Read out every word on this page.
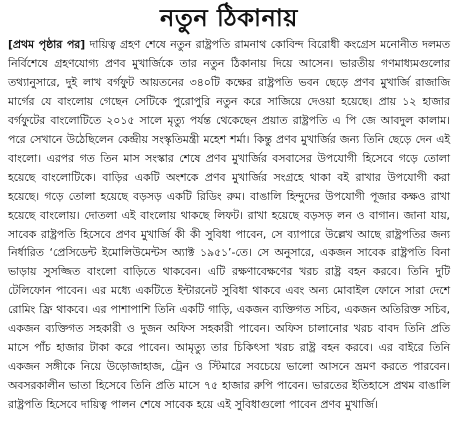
নতুন ঠিকানায়

[প্রথম পৃষ্ঠার পর] দায়িত্ব গ্রহণ শেষে নতুন রাষ্ট্রপতি রামনাথ কোবিন্দ বিরোধী কংগ্রেস মনোনীত দলমত নির্বিশেষে গ্রহণযোগ্য প্রণব মুখার্জিকে তার নতুন ঠিকানায় দিয়ে আসেন। ভারতীয় গণমাধ্যমগুলোর তথ্যানুসারে, দুই লাখ বর্গফুট আয়তনের ৩৪০টি কক্ষের রাষ্ট্রপতি ভবন ছেড়ে প্রণব মুখার্জি রাজাজি মার্গের যে বাংলোয় গেছেন সেটিকে পুরোপুরি নতুন করে সাজিয়ে দেওয়া হয়েছে। প্রায় ১২ হাজার বর্গফুটের বাংলোটিতে ২০১৫ সালে মৃত্যু পর্যন্ত থেকেছেন প্রয়াত রাষ্ট্রপতি এ পি জে আবদুল কালাম। পরে সেখানে উঠেছিলেন কেন্দ্রীয় সংস্কৃতিমন্ত্রী মহেশ শর্মা। কিন্তু প্রণব মুখার্জির জন্য তিনি ছেড়ে দেন এই বাংলো। এরপর গত তিন মাস সংস্কার শেষে প্রণব মুখার্জির বসবাসের উপযোগী হিসেবে গড়ে তোলা হয়েছে বাংলোটিকে। বাড়ির একটি অংশকে প্রণব মুখার্জির সংগ্রহে থাকা বই রাখার উপযোগী করা হয়েছে। গড়ে তোলা হয়েছে বড়সড় একটি রিডিং রুম। বাঙালি হিন্দুদের উপযোগী পূজার কক্ষও রাখা হয়েছে বাংলোয়। দোতলা এই বাংলোয় থাকছে লিফট। রাখা হয়েছে বড়সড় লন ও বাগান। জানা যায়, সাবেক রাষ্ট্রপতি হিসেবে প্রণব মুখার্জি কী কী সুবিধা পাবেন, সে ব্যাপারে উল্লেখ আছে রাষ্ট্রপতির জন্য নির্ধারিত ‘প্রেসিডেন্ট ইমোলিউমেন্টস অ্যাক্ট ১৯৫১’-তে। সে অনুসারে, একজন সাবেক রাষ্ট্রপতি বিনা ভাড়ায় সুসজ্জিত বাংলো বাড়িতে থাকবেন। এটি রক্ষণাবেক্ষণের খরচ রাষ্ট্র বহন করবে। তিনি দুটি টেলিফোন পাবেন। এর মধ্যে একটিতে ইন্টারনেট সুবিধা থাকবে এবং অন্য মোবাইল ফোনে সারা দেশে রোমিং ফ্রি থাকবে। এর পাশাপাশি তিনি একটি গাড়ি, একজন ব্যক্তিগত সচিব, একজন অতিরিক্ত সচিব, একজন ব্যক্তিগত সহকারী ও দুজন অফিস সহকারী পাবেন। অফিস চালানোর খরচ বাবদ তিনি প্রতি মাসে পাঁচ হাজার টাকা করে পাবেন। আমৃত্যু তার চিকিৎসা খরচ রাষ্ট্র বহন করবে। এর বাইরে তিনি একজন সঙ্গীকে নিয়ে উড়োজাহাজ, ট্রেন ও স্টিমারে সবচেয়ে ভালো আসনে ভ্রমণ করতে পারবেন। অবসরকালীন ভাতা হিসেবে তিনি প্রতি মাসে ৭৫ হাজার রুপি পাবেন। ভারতের ইতিহাসে প্রথম বাঙালি রাষ্ট্রপতি হিসেবে দায়িত্ব পালন শেষে সাবেক হয়ে এই সুবিধাগুলো পাবেন প্রণব মুখার্জি।
